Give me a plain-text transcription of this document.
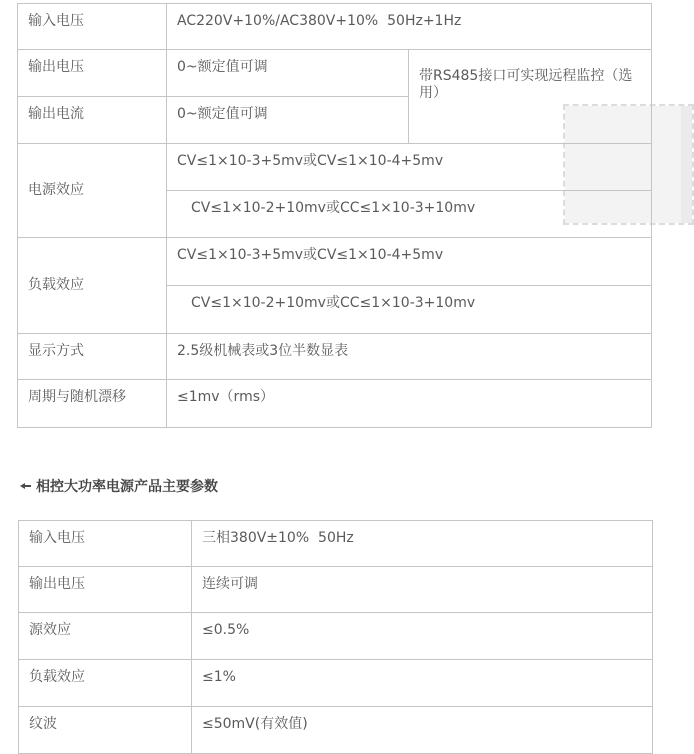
输入电压	AC220V+10%/AC380V+10%  50Hz+1Hz	
输出电压	0~额定值可调	带RS485接口可实现远程监控（选用）
输出电流	0~额定值可调	
电源效应	CV≤1×10-3+5mv或CV≤1×10-4+5mv	
	　CV≤1×10-2+10mv或CC≤1×10-3+10mv	
负载效应	CV≤1×10-3+5mv或CV≤1×10-4+5mv	
	　CV≤1×10-2+10mv或CC≤1×10-3+10mv	
显示方式	2.5级机械表或3位半数显表	
周期与随机漂移	≤1mv（rms）	
相控大功率电源产品主要参数
输入电压	三相380V±10%  50Hz
输出电压	连续可调
源效应	≤0.5%
负载效应	≤1%
纹波	≤50mV(有效值)
